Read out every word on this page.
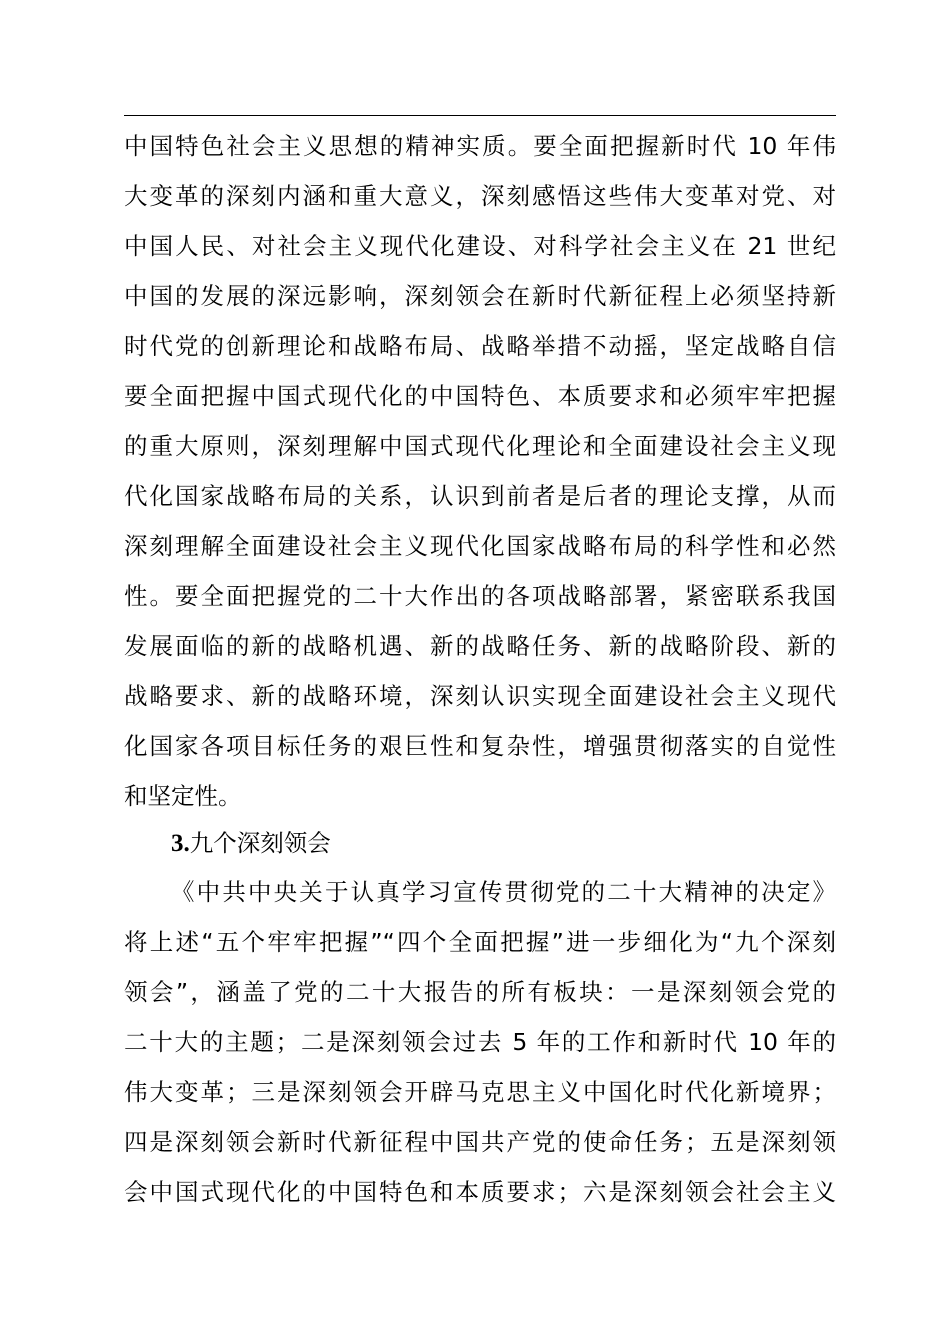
中国特色社会主义思想的精神实质。要全面把握新时代 10 年伟
大变革的深刻内涵和重大意义，深刻感悟这些伟大变革对党、对
中国人民、对社会主义现代化建设、对科学社会主义在 21 世纪
中国的发展的深远影响，深刻领会在新时代新征程上必须坚持新
时代党的创新理论和战略布局、战略举措不动摇，坚定战略自信
要全面把握中国式现代化的中国特色、本质要求和必须牢牢把握
的重大原则，深刻理解中国式现代化理论和全面建设社会主义现
代化国家战略布局的关系，认识到前者是后者的理论支撑，从而
深刻理解全面建设社会主义现代化国家战略布局的科学性和必然
性。要全面把握党的二十大作出的各项战略部署，紧密联系我国
发展面临的新的战略机遇、新的战略任务、新的战略阶段、新的
战略要求、新的战略环境，深刻认识实现全面建设社会主义现代
化国家各项目标任务的艰巨性和复杂性，增强贯彻落实的自觉性
和坚定性。
3.九个深刻领会
《中共中央关于认真学习宣传贯彻党的二十大精神的决定》
将上述“五个牢牢把握”“四个全面把握”进一步细化为“九个深刻
领会”，涵盖了党的二十大报告的所有板块：一是深刻领会党的
二十大的主题；二是深刻领会过去 5 年的工作和新时代 10 年的
伟大变革；三是深刻领会开辟马克思主义中国化时代化新境界；
四是深刻领会新时代新征程中国共产党的使命任务；五是深刻领
会中国式现代化的中国特色和本质要求；六是深刻领会社会主义
